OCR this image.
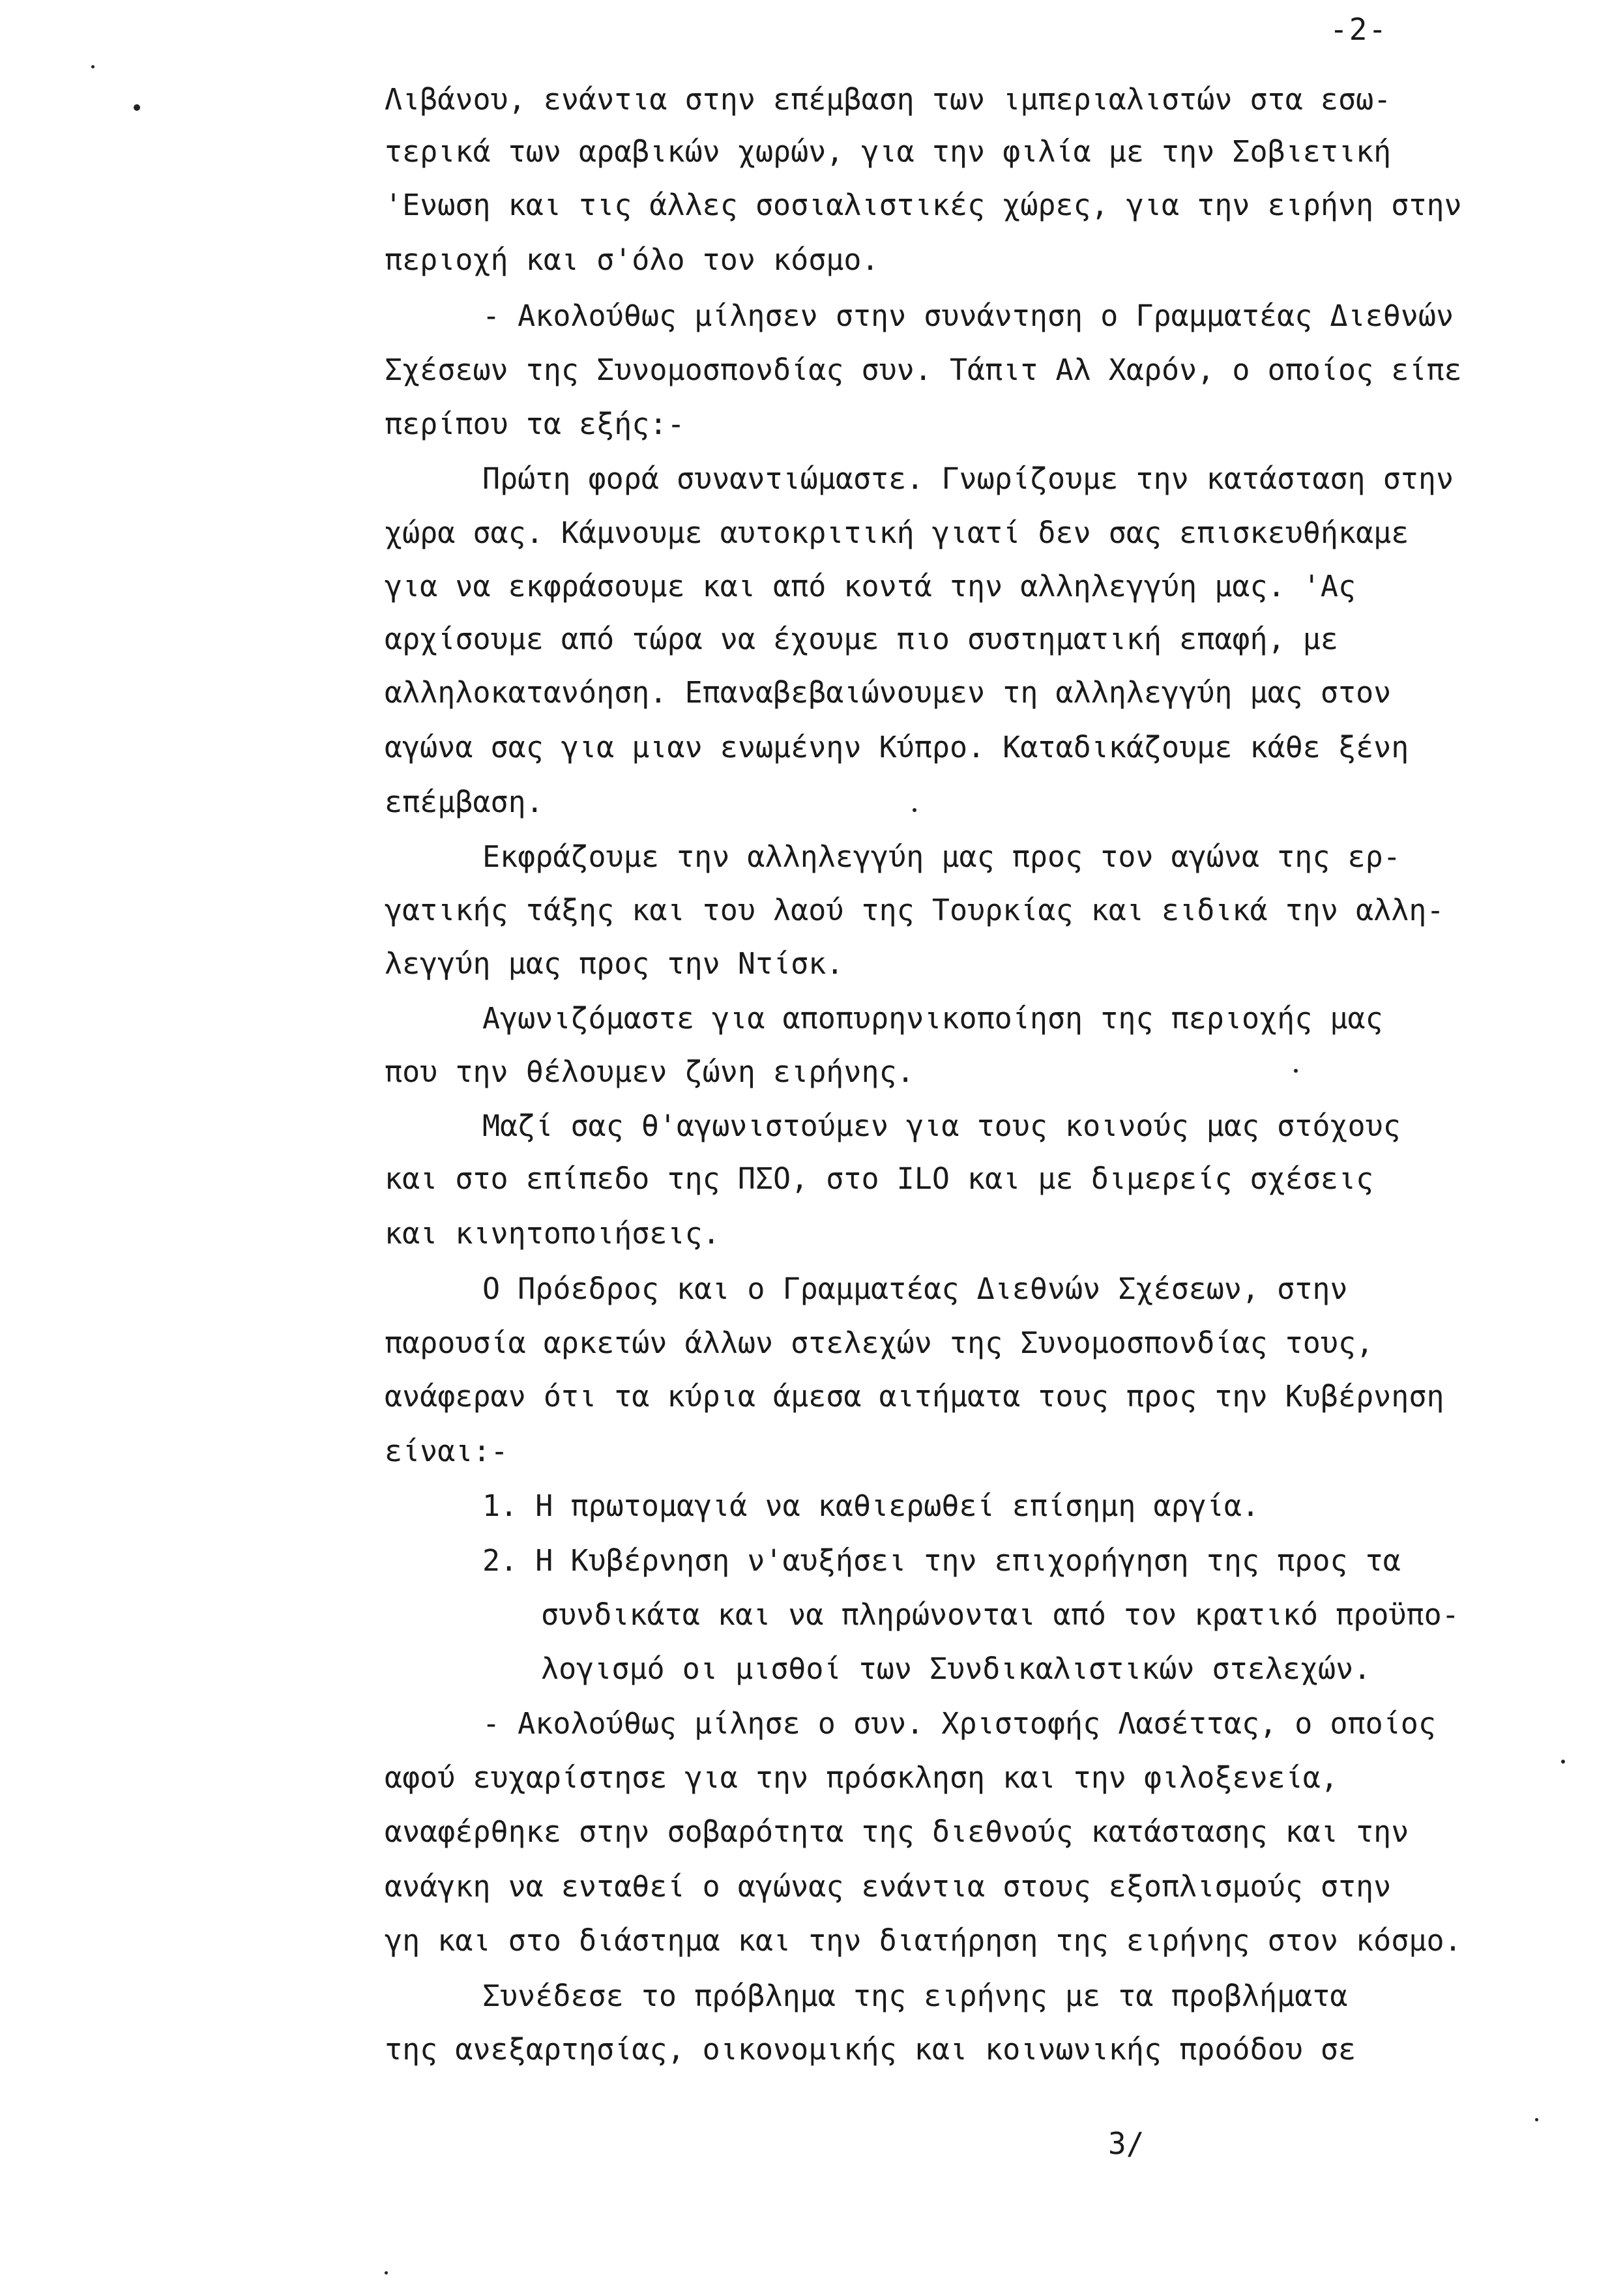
-2-
Λιβάνου, ενάντια στην επέμβαση των ιμπεριαλιστών στα εσω-
τερικά των αραβικών χωρών, για την φιλία με την Σοβιετική
'Ενωση και τις άλλες σοσιαλιστικές χώρες, για την ειρήνη στην
περιοχή και σ'όλο τον κόσμο.
- Ακολούθως μίλησεν στην συνάντηση ο Γραμματέας Διεθνών
Σχέσεων της Συνομοσπονδίας συν. Τάπιτ Αλ Χαρόν, ο οποίος είπε
περίπου τα εξής:-
Πρώτη φορά συναντιώμαστε. Γνωρίζουμε την κατάσταση στην
χώρα σας. Κάμνουμε αυτοκριτική γιατί δεν σας επισκευθήκαμε
για να εκφράσουμε και από κοντά την αλληλεγγύη μας. 'Ας
αρχίσουμε από τώρα να έχουμε πιο συστηματική επαφή, με
αλληλοκατανόηση. Επαναβεβαιώνουμεν τη αλληλεγγύη μας στον
αγώνα σας για μιαν ενωμένην Κύπρο. Καταδικάζουμε κάθε ξένη
επέμβαση.
Εκφράζουμε την αλληλεγγύη μας προς τον αγώνα της ερ-
γατικής τάξης και του λαού της Τουρκίας και ειδικά την αλλη-
λεγγύη μας προς την Ντίσκ.
Αγωνιζόμαστε για αποπυρηνικοποίηση της περιοχής μας
που την θέλουμεν ζώνη ειρήνης.
Μαζί σας θ'αγωνιστούμεν για τους κοινούς μας στόχους
και στο επίπεδο της ΠΣΟ, στο ILO και με διμερείς σχέσεις
και κινητοποιήσεις.
Ο Πρόεδρος και ο Γραμματέας Διεθνών Σχέσεων, στην
παρουσία αρκετών άλλων στελεχών της Συνομοσπονδίας τους,
ανάφεραν ότι τα κύρια άμεσα αιτήματα τους προς την Κυβέρνηση
είναι:-
1. Η πρωτομαγιά να καθιερωθεί επίσημη αργία.
2. Η Κυβέρνηση ν'αυξήσει την επιχορήγηση της προς τα
συνδικάτα και να πληρώνονται από τον κρατικό προϋπο-
λογισμό οι μισθοί των Συνδικαλιστικών στελεχών.
- Ακολούθως μίλησε ο συν. Χριστοφής Λασέττας, ο οποίος
αφού ευχαρίστησε για την πρόσκληση και την φιλοξενεία,
αναφέρθηκε στην σοβαρότητα της διεθνούς κατάστασης και την
ανάγκη να ενταθεί ο αγώνας ενάντια στους εξοπλισμούς στην
γη και στο διάστημα και την διατήρηση της ειρήνης στον κόσμο.
Συνέδεσε το πρόβλημα της ειρήνης με τα προβλήματα
της ανεξαρτησίας, οικονομικής και κοινωνικής προόδου σε
3/
